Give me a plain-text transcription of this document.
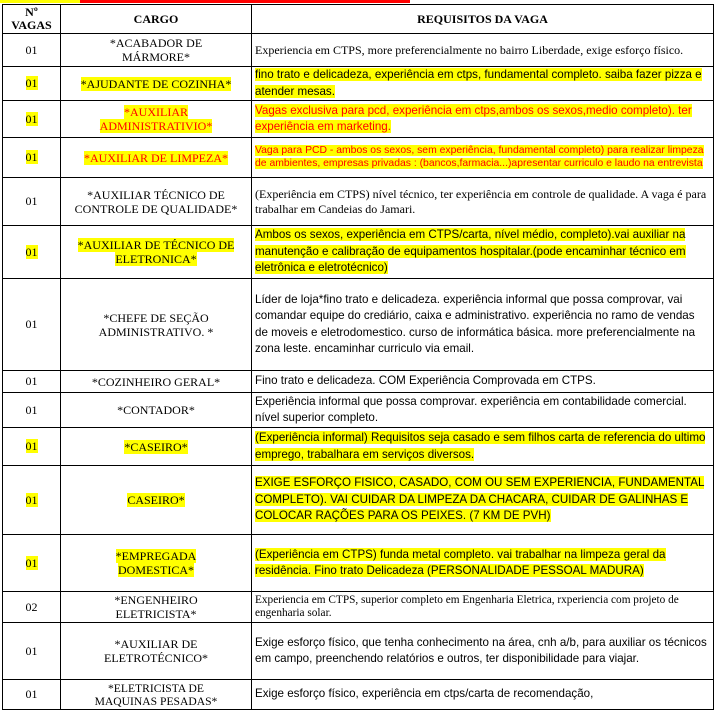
Nº VAGAS	CARGO	REQUISITOS DA VAGA
01	*ACABADOR DE MÁRMORE*	Experiencia em CTPS, more preferencialmente no bairro Liberdade, exige esforço físico.
01	*AJUDANTE DE COZINHA*	fino trato e delicadeza, experiência em ctps, fundamental completo. saiba fazer pizza e atender mesas.
01	*AUXILIAR ADMINISTRATIVIO*	Vagas exclusiva para pcd, experiência em ctps,ambos os sexos,medio completo). ter experiência em marketing.
01	*AUXILIAR DE LIMPEZA*	Vaga para PCD - ambos os sexos, sem experiência, fundamental completo) para realizar limpeza de ambientes, empresas privadas : (bancos,farmacia...)apresentar curriculo e laudo na entrevista
01	*AUXILIAR TÉCNICO DE CONTROLE DE QUALIDADE*	(Experiência em CTPS) nível técnico, ter experiência em controle de qualidade. A vaga é para trabalhar em Candeias do Jamari.
01	*AUXILIAR DE TÉCNICO DE ELETRONICA*	Ambos os sexos, experiência em CTPS/carta, nível médio, completo).vai auxiliar na manutenção e calibração de equipamentos hospitalar.(pode encaminhar técnico em eletrônica e eletrotécnico)
01	*CHEFE DE SEÇÃO ADMINISTRATIVO. *	Líder de loja*fino trato e delicadeza. experiência informal que possa comprovar, vai comandar equipe do crediário, caixa e administrativo. experiência no ramo de vendas de moveis e eletrodomestico. curso de informática básica. more preferencialmente na zona leste. encaminhar curriculo via email.
01	*COZINHEIRO GERAL*	Fino trato e delicadeza. COM Experiência Comprovada em CTPS.
01	*CONTADOR*	Experiência informal que possa comprovar. experiência em contabilidade comercial. nível superior completo.
01	*CASEIRO*	(Experiência informal) Requisitos seja casado e sem filhos carta de referencia do ultimo emprego, trabalhara em serviços diversos.
01	CASEIRO*	EXIGE ESFORÇO FISICO, CASADO, COM OU SEM EXPERIENCIA, FUNDAMENTAL COMPLETO). VAI CUIDAR DA LIMPEZA DA CHACARA, CUIDAR DE GALINHAS E COLOCAR RAÇÕES PARA OS PEIXES. (7 KM DE PVH)
01	*EMPREGADA DOMESTICA*	(Experiência em CTPS) funda metal completo. vai trabalhar na limpeza geral da residência. Fino trato Delicadeza (PERSONALIDADE PESSOAL MADURA)
02	*ENGENHEIRO ELETRICISTA*	Experiencia em CTPS, superior completo em Engenharia Eletrica, rxperiencia com projeto de engenharia solar.
01	*AUXILIAR DE ELETROTÉCNICO*	Exige esforço físico, que tenha conhecimento na área, cnh a/b, para auxiliar os técnicos em campo, preenchendo relatórios e outros, ter disponibilidade para viajar.
01	*ELETRICISTA DE MAQUINAS PESADAS*	Exige esforço físico, experiência em ctps/carta de recomendação,
